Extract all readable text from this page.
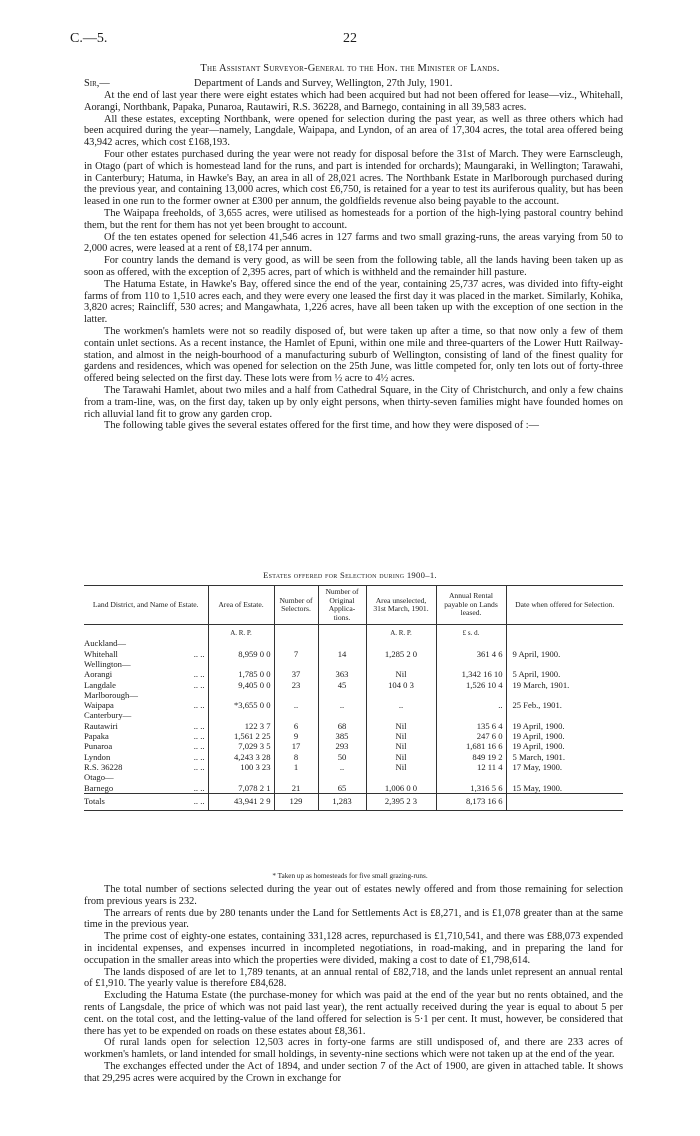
C.—5.	22
The Assistant Surveyor-General to the Hon. the Minister of Lands.
Sir,—	Department of Lands and Survey, Wellington, 27th July, 1901.

At the end of last year there were eight estates which had been acquired but had not been offered for lease—viz., Whitehall, Aorangi, Northbank, Papaka, Punaroa, Rautawiri, R.S. 36228, and Barnego, containing in all 39,583 acres.

All these estates, excepting Northbank, were opened for selection during the past year, as well as three others which had been acquired during the year—namely, Langdale, Waipapa, and Lyndon, of an area of 17,304 acres, the total area offered being 43,942 acres, which cost £168,193.

Four other estates purchased during the year were not ready for disposal before the 31st of March. They were Earnscleugh, in Otago (part of which is homestead land for the runs, and part is intended for orchards); Maungaraki, in Wellington; Tarawahi, in Canterbury; Hatuma, in Hawke's Bay, an area in all of 28,021 acres. The Northbank Estate in Marlborough purchased during the previous year, and containing 13,000 acres, which cost £6,750, is retained for a year to test its auriferous quality, but has been leased in one run to the former owner at £300 per annum, the goldfields revenue also being payable to the account.

The Waipapa freeholds, of 3,655 acres, were utilised as homesteads for a portion of the high-lying pastoral country behind them, but the rent for them has not yet been brought to account.

Of the ten estates opened for selection 41,546 acres in 127 farms and two small grazing-runs, the areas varying from 50 to 2,000 acres, were leased at a rent of £8,174 per annum.

For country lands the demand is very good, as will be seen from the following table, all the lands having been taken up as soon as offered, with the exception of 2,395 acres, part of which is withheld and the remainder hill pasture.

The Hatuma Estate, in Hawke's Bay, offered since the end of the year, containing 25,737 acres, was divided into fifty-eight farms of from 110 to 1,510 acres each, and they were every one leased the first day it was placed in the market. Similarly, Kohika, 3,820 acres; Raincliff, 530 acres; and Mangawhata, 1,226 acres, have all been taken up with the exception of one section in the latter.

The workmen's hamlets were not so readily disposed of, but were taken up after a time, so that now only a few of them contain unlet sections. As a recent instance, the Hamlet of Epuni, within one mile and three-quarters of the Lower Hutt Railway-station, and almost in the neigh-bourhood of a manufacturing suburb of Wellington, consisting of land of the finest quality for gardens and residences, which was opened for selection on the 25th June, was little competed for, only ten lots out of forty-three offered being selected on the first day. These lots were from ½ acre to 4½ acres.

The Tarawahi Hamlet, about two miles and a half from Cathedral Square, in the City of Christchurch, and only a few chains from a tram-line, was, on the first day, taken up by only eight persons, when thirty-seven families might have founded homes on rich alluvial land fit to grow any garden crop.

The following table gives the several estates offered for the first time, and how they were disposed of :—

Estates offered for Selection during 1900–1.
Land District, and Name of Estate.	Area of Estate.	Number of Selectors.	Number of Original Applica-tions.	Area unselected, 31st March, 1901.	Annual Rental payable on Lands leased.	Date when offered for Selection.
	A. R. P.			A. R. P.	£ s. d.	
Auckland—						
Whitehall .. ..	8,959 0 0	7	14	1,285 2 0	361 4 6	9 April, 1900.
Wellington—						
Aorangi .. ..	1,785 0 0	37	363	Nil	1,342 16 10	5 April, 1900.
Langdale .. ..	9,405 0 0	23	45	104 0 3	1,526 10 4	19 March, 1901.
Marlborough—						
Waipapa .. ..	*3,655 0 0	..	..	..	..	25 Feb., 1901.
Canterbury—						
Rautawiri .. ..	122 3 7	6	68	Nil	135 6 4	19 April, 1900.
Papaka .. ..	1,561 2 25	9	385	Nil	247 6 0	19 April, 1900.
Punaroa .. ..	7,029 3 5	17	293	Nil	1,681 16 6	19 April, 1900.
Lyndon .. ..	4,243 3 28	8	50	Nil	849 19 2	5 March, 1901.
R.S. 36228 .. ..	100 3 23	1	..	Nil	12 11 4	17 May, 1900.
Otago—						
Barnego .. ..	7,078 2 1	21	65	1,006 0 0	1,316 5 6	15 May, 1900.
Totals .. ..	43,941 2 9	129	1,283	2,395 2 3	8,173 16 6	
* Taken up as homesteads for five small grazing-runs.

The total number of sections selected during the year out of estates newly offered and from those remaining for selection from previous years is 232.

The arrears of rents due by 280 tenants under the Land for Settlements Act is £8,271, and is £1,078 greater than at the same time in the previous year.

The prime cost of eighty-one estates, containing 331,128 acres, repurchased is £1,710,541, and there was £88,073 expended in incidental expenses, and expenses incurred in incompleted negotiations, in road-making, and in preparing the land for occupation in the smaller areas into which the properties were divided, making a cost to date of £1,798,614.

The lands disposed of are let to 1,789 tenants, at an annual rental of £82,718, and the lands unlet represent an annual rental of £1,910. The yearly value is therefore £84,628.

Excluding the Hatuma Estate (the purchase-money for which was paid at the end of the year but no rents obtained, and the rents of Langsdale, the price of which was not paid last year), the rent actually received during the year is equal to about 5 per cent. on the total cost, and the letting-value of the land offered for selection is 5·1 per cent. It must, however, be considered that there has yet to be expended on roads on these estates about £8,361.

Of rural lands open for selection 12,503 acres in forty-one farms are still undisposed of, and there are 233 acres of workmen's hamlets, or land intended for small holdings, in seventy-nine sections which were not taken up at the end of the year.

The exchanges effected under the Act of 1894, and under section 7 of the Act of 1900, are given in attached table. It shows that 29,295 acres were acquired by the Crown in exchange for
